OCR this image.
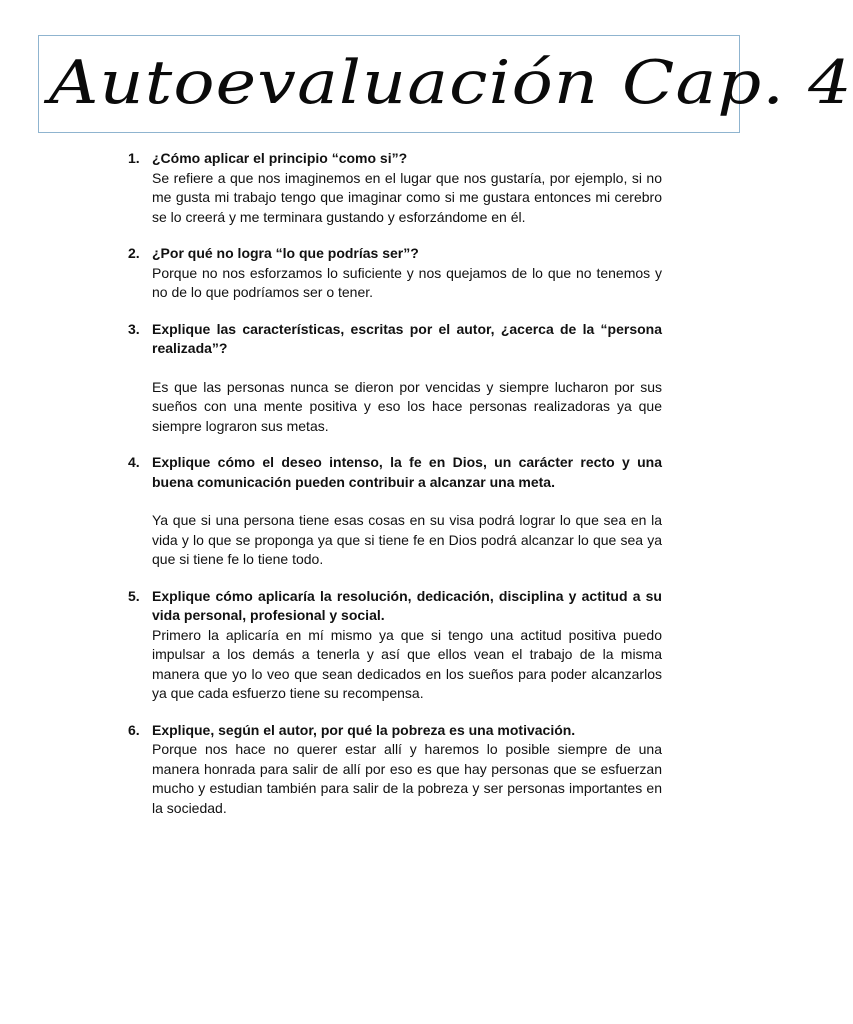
Autoevaluación Cap. 4
1. ¿Cómo aplicar el principio “como si”?

Se refiere a que nos imaginemos en el lugar que nos gustaría, por ejemplo, si no me gusta mi trabajo tengo que imaginar como si me gustara entonces mi cerebro se lo creerá y me terminara gustando y esforzándome en él.

2. ¿Por qué no logra “lo que podrías ser”?

Porque no nos esforzamos lo suficiente y nos quejamos de lo que no tenemos y no de lo que podríamos ser o tener.

3. Explique las características, escritas por el autor, ¿acerca de la “persona realizada”?

Es que las personas nunca se dieron por vencidas y siempre lucharon por sus sueños con una mente positiva y eso los hace personas realizadoras ya que siempre lograron sus metas.

4. Explique cómo el deseo intenso, la fe en Dios, un carácter recto y una buena comunicación pueden contribuir a alcanzar una meta.

Ya que si una persona tiene esas cosas en su visa podrá lograr lo que sea en la vida y lo que se proponga ya que si tiene fe en Dios podrá alcanzar lo que sea ya que si tiene fe lo tiene todo.

5. Explique cómo aplicaría la resolución, dedicación, disciplina y actitud a su vida personal, profesional y social.

Primero la aplicaría en mí mismo ya que si tengo una actitud positiva puedo impulsar a los demás a tenerla y así que ellos vean el trabajo de la misma manera que yo lo veo que sean dedicados en los sueños para poder alcanzarlos ya que cada esfuerzo tiene su recompensa.

6. Explique, según el autor, por qué la pobreza es una motivación.

Porque nos hace no querer estar allí y haremos lo posible siempre de una manera honrada para salir de allí por eso es que hay personas que se esfuerzan mucho y estudian también para salir de la pobreza y ser personas importantes en la sociedad.
